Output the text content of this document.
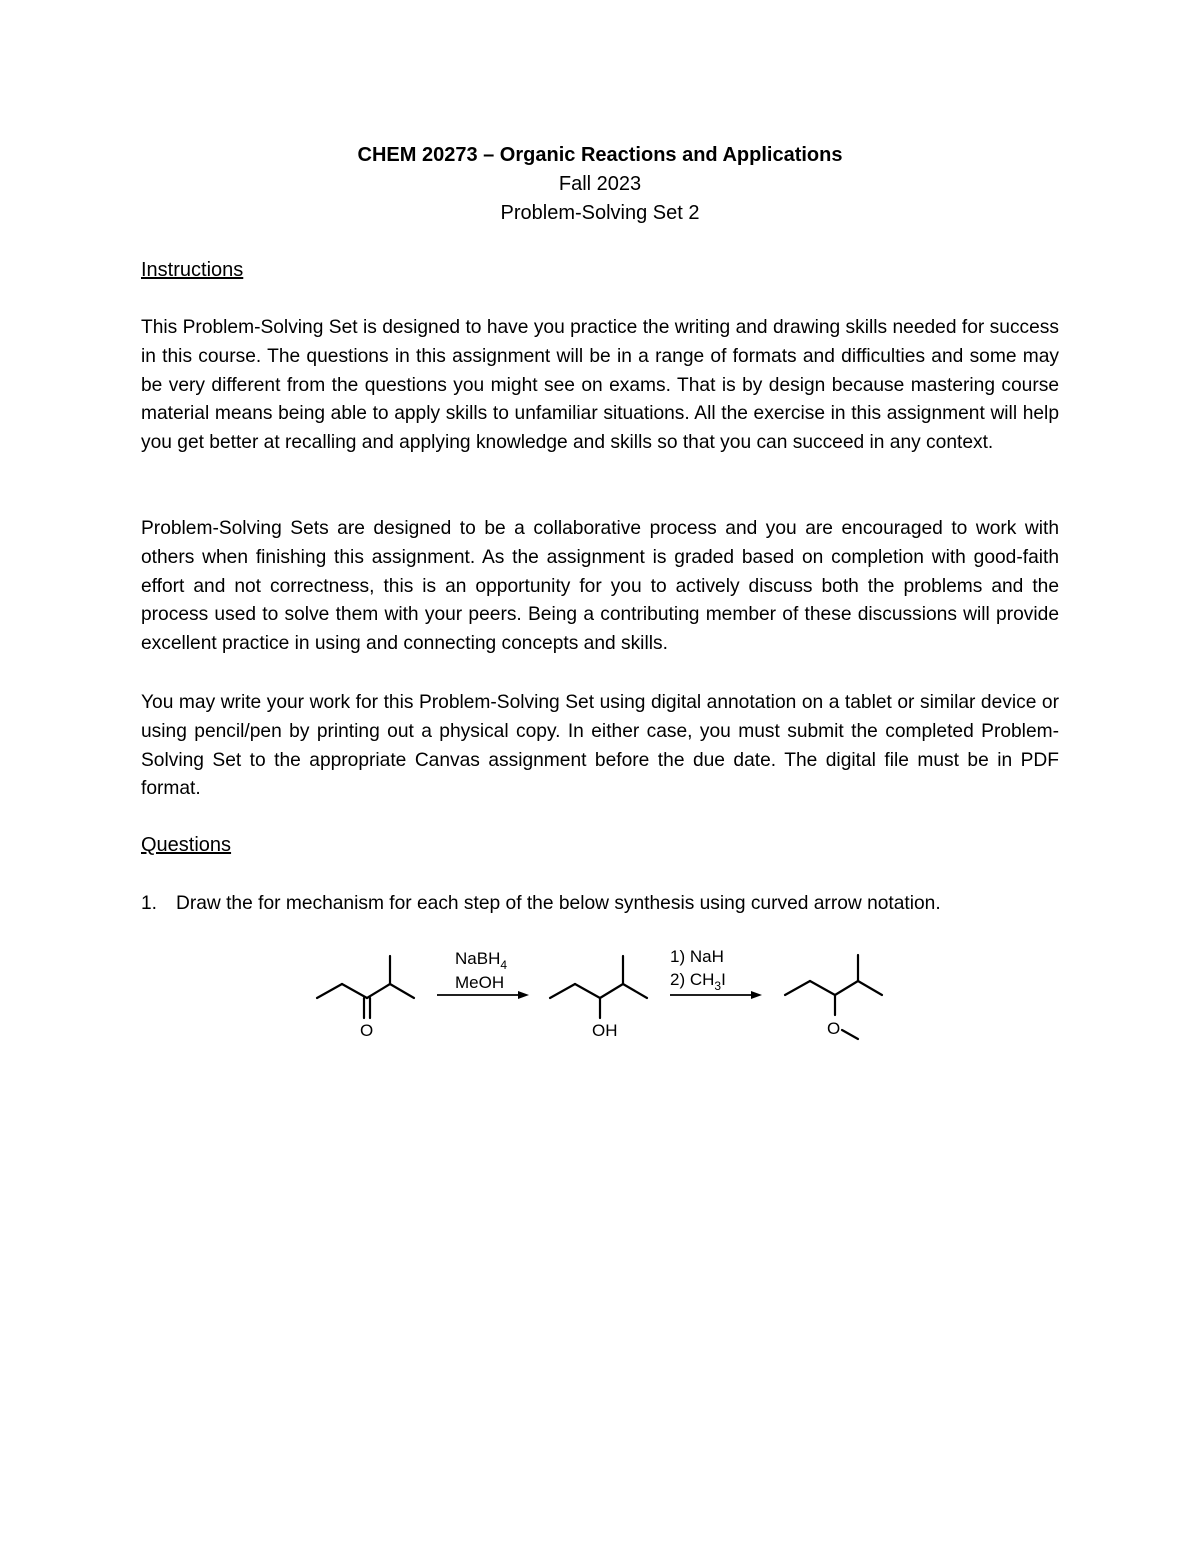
CHEM 20273 – Organic Reactions and Applications
Fall 2023
Problem-Solving Set 2
Instructions
This Problem-Solving Set is designed to have you practice the writing and drawing skills needed for success in this course. The questions in this assignment will be in a range of formats and difficulties and some may be very different from the questions you might see on exams. That is by design because mastering course material means being able to apply skills to unfamiliar situations. All the exercise in this assignment will help you get better at recalling and applying knowledge and skills so that you can succeed in any context.
Problem-Solving Sets are designed to be a collaborative process and you are encouraged to work with others when finishing this assignment. As the assignment is graded based on completion with good-faith effort and not correctness, this is an opportunity for you to actively discuss both the problems and the process used to solve them with your peers. Being a contributing member of these discussions will provide excellent practice in using and connecting concepts and skills.
You may write your work for this Problem-Solving Set using digital annotation on a tablet or similar device or using pencil/pen by printing out a physical copy. In either case, you must submit the completed Problem-Solving Set to the appropriate Canvas assignment before the due date. The digital file must be in PDF format.
Questions
1. Draw the for mechanism for each step of the below synthesis using curved arrow notation.
O
NaBH$_4$
MeOH
OH
1) NaH
2) $CH_3I$
O
